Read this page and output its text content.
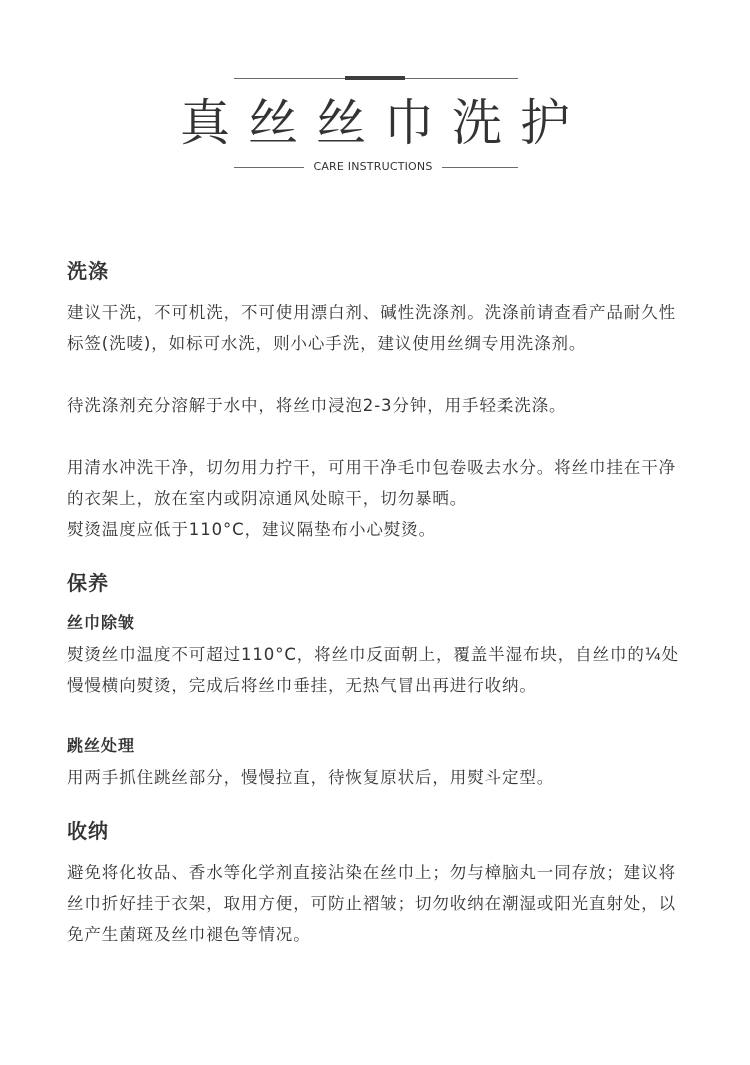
真丝丝巾洗护
CARE INSTRUCTIONS
洗涤

建议干洗，不可机洗，不可使用漂白剂、碱性洗涤剂。洗涤前请查看产品耐久性标签(洗唛)，如标可水洗，则小心手洗，建议使用丝绸专用洗涤剂。

待洗涤剂充分溶解于水中，将丝巾浸泡2-3分钟，用手轻柔洗涤。

用清水冲洗干净，切勿用力拧干，可用干净毛巾包卷吸去水分。将丝巾挂在干净的衣架上，放在室内或阴凉通风处晾干，切勿暴晒。

熨烫温度应低于110°C，建议隔垫布小心熨烫。

保养
丝巾除皱

熨烫丝巾温度不可超过110°C，将丝巾反面朝上，覆盖半湿布块，自丝巾的¼处慢慢横向熨烫，完成后将丝巾垂挂，无热气冒出再进行收纳。

跳丝处理

用两手抓住跳丝部分，慢慢拉直，待恢复原状后，用熨斗定型。

收纳

避免将化妆品、香水等化学剂直接沾染在丝巾上；勿与樟脑丸一同存放；建议将丝巾折好挂于衣架，取用方便，可防止褶皱；切勿收纳在潮湿或阳光直射处，以免产生菌斑及丝巾褪色等情况。
